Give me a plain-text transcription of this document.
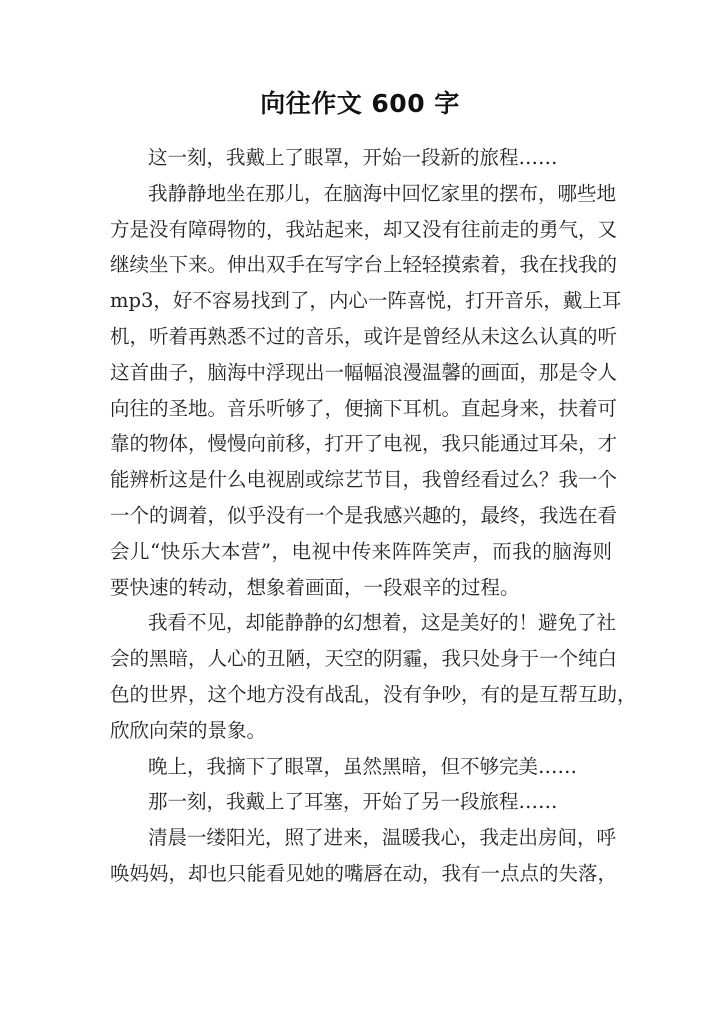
向往作文 600 字
这一刻，我戴上了眼罩，开始一段新的旅程……
我静静地坐在那儿，在脑海中回忆家里的摆布，哪些地
方是没有障碍物的，我站起来，却又没有往前走的勇气，又
继续坐下来。伸出双手在写字台上轻轻摸索着，我在找我的
mp3，好不容易找到了，内心一阵喜悦，打开音乐，戴上耳
机，听着再熟悉不过的音乐，或许是曾经从未这么认真的听
这首曲子，脑海中浮现出一幅幅浪漫温馨的画面，那是令人
向往的圣地。音乐听够了，便摘下耳机。直起身来，扶着可
靠的物体，慢慢向前移，打开了电视，我只能通过耳朵，才
能辨析这是什么电视剧或综艺节目，我曾经看过么？我一个
一个的调着，似乎没有一个是我感兴趣的，最终，我选在看
会儿“快乐大本营”，电视中传来阵阵笑声，而我的脑海则
要快速的转动，想象着画面，一段艰辛的过程。
我看不见，却能静静的幻想着，这是美好的！避免了社
会的黑暗，人心的丑陋，天空的阴霾，我只处身于一个纯白
色的世界，这个地方没有战乱，没有争吵，有的是互帮互助，
欣欣向荣的景象。
晚上，我摘下了眼罩，虽然黑暗，但不够完美……
那一刻，我戴上了耳塞，开始了另一段旅程……
清晨一缕阳光，照了进来，温暖我心，我走出房间，呼
唤妈妈，却也只能看见她的嘴唇在动，我有一点点的失落，
